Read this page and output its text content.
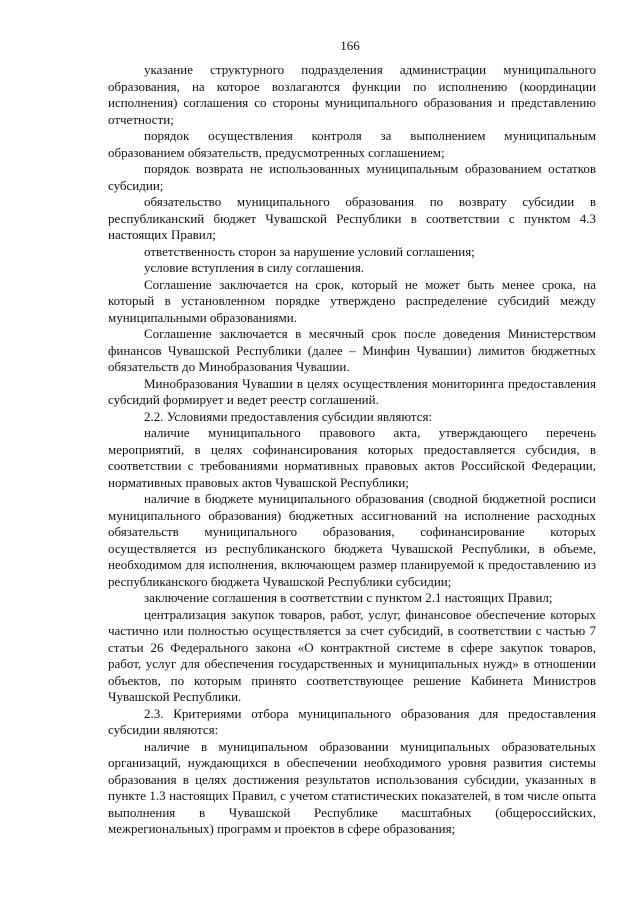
166

указание структурного подразделения администрации муниципального образования, на которое возлагаются функции по исполнению (координации исполнения) соглашения со стороны муниципального образования и представлению отчетности;

порядок осуществления контроля за выполнением муниципальным образованием обязательств, предусмотренных соглашением;

порядок возврата не использованных муниципальным образованием остатков субсидии;

обязательство муниципального образования по возврату субсидии в республиканский бюджет Чувашской Республики в соответствии с пунктом 4.3 настоящих Правил;

ответственность сторон за нарушение условий соглашения;

условие вступления в силу соглашения.

Соглашение заключается на срок, который не может быть менее срока, на который в установленном порядке утверждено распределение субсидий между муниципальными образованиями.

Соглашение заключается в месячный срок после доведения Министерством финансов Чувашской Республики (далее – Минфин Чувашии) лимитов бюджетных обязательств до Минобразования Чувашии.

Минобразования Чувашии в целях осуществления мониторинга предоставления субсидий формирует и ведет реестр соглашений.

2.2. Условиями предоставления субсидии являются:

наличие муниципального правового акта, утверждающего перечень мероприятий, в целях софинансирования которых предоставляется субсидия, в соответствии с требованиями нормативных правовых актов Российской Федерации, нормативных правовых актов Чувашской Республики;

наличие в бюджете муниципального образования (сводной бюджетной росписи муниципального образования) бюджетных ассигнований на исполнение расходных обязательств муниципального образования, софинансирование которых осуществляется из республиканского бюджета Чувашской Республики, в объеме, необходимом для исполнения, включающем размер планируемой к предоставлению из республиканского бюджета Чувашской Республики субсидии;

заключение соглашения в соответствии с пунктом 2.1 настоящих Правил;

централизация закупок товаров, работ, услуг, финансовое обеспечение которых частично или полностью осуществляется за счет субсидий, в соответствии с частью 7 статьи 26 Федерального закона «О контрактной системе в сфере закупок товаров, работ, услуг для обеспечения государственных и муниципальных нужд» в отношении объектов, по которым принято соответствующее решение Кабинета Министров Чувашской Республики.

2.3. Критериями отбора муниципального образования для предоставления субсидии являются:

наличие в муниципальном образовании муниципальных образовательных организаций, нуждающихся в обеспечении необходимого уровня развития системы образования в целях достижения результатов использования субсидии, указанных в пункте 1.3 настоящих Правил, с учетом статистических показателей, в том числе опыта выполнения в Чувашской Республике масштабных (общероссийских, межрегиональных) программ и проектов в сфере образования;
